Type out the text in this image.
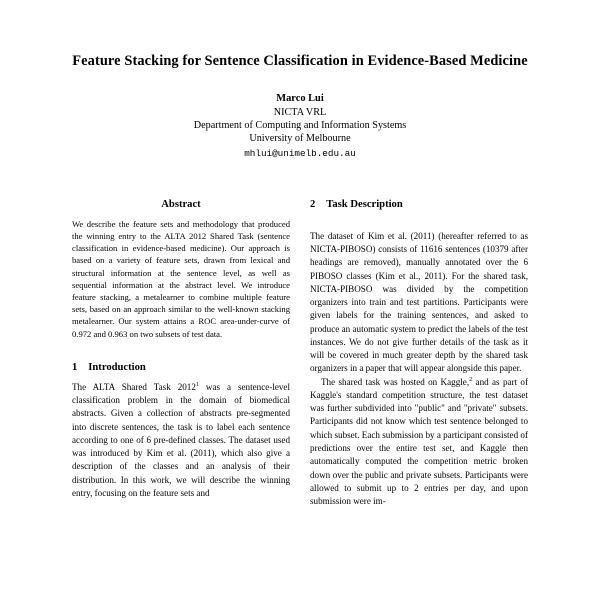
Feature Stacking for Sentence Classification in Evidence-Based Medicine
Marco Lui
NICTA VRL
Department of Computing and Information Systems
University of Melbourne
mhlui@unimelb.edu.au
Abstract

We describe the feature sets and methodology that produced the winning entry to the ALTA 2012 Shared Task (sentence classification in evidence-based medicine). Our approach is based on a variety of feature sets, drawn from lexical and structural information at the sentence level, as well as sequential information at the abstract level. We introduce feature stacking, a metalearner to combine multiple feature sets, based on an approach similar to the well-known stacking metalearner. Our system attains a ROC area-under-curve of 0.972 and 0.963 on two subsets of test data.

1 Introduction

The ALTA Shared Task 2012$^1$ was a sentence-level classification problem in the domain of biomedical abstracts. Given a collection of abstracts pre-segmented into discrete sentences, the task is to label each sentence according to one of 6 pre-defined classes. The dataset used was introduced by Kim et al. (2011), which also give a description of the classes and an analysis of their distribution. In this work, we will describe the winning entry, focusing on the feature sets and

2 Task Description

The dataset of Kim et al. (2011) (hereafter referred to as NICTA-PIBOSO) consists of 11616 sentences (10379 after headings are removed), manually annotated over the 6 PIBOSO classes (Kim et al., 2011). For the shared task, NICTA-PIBOSO was divided by the competition organizers into train and test partitions. Participants were given labels for the training sentences, and asked to produce an automatic system to predict the labels of the test instances. We do not give further details of the task as it will be covered in much greater depth by the shared task organizers in a paper that will appear alongside this paper.

The shared task was hosted on Kaggle,$^2$ and as part of Kaggle's standard competition structure, the test dataset was further subdivided into "public" and "private" subsets. Participants did not know which test sentence belonged to which subset. Each submission by a participant consisted of predictions over the entire test set, and Kaggle then automatically computed the competition metric broken down over the public and private subsets. Participants were allowed to submit up to 2 entries per day, and upon submission were im-
